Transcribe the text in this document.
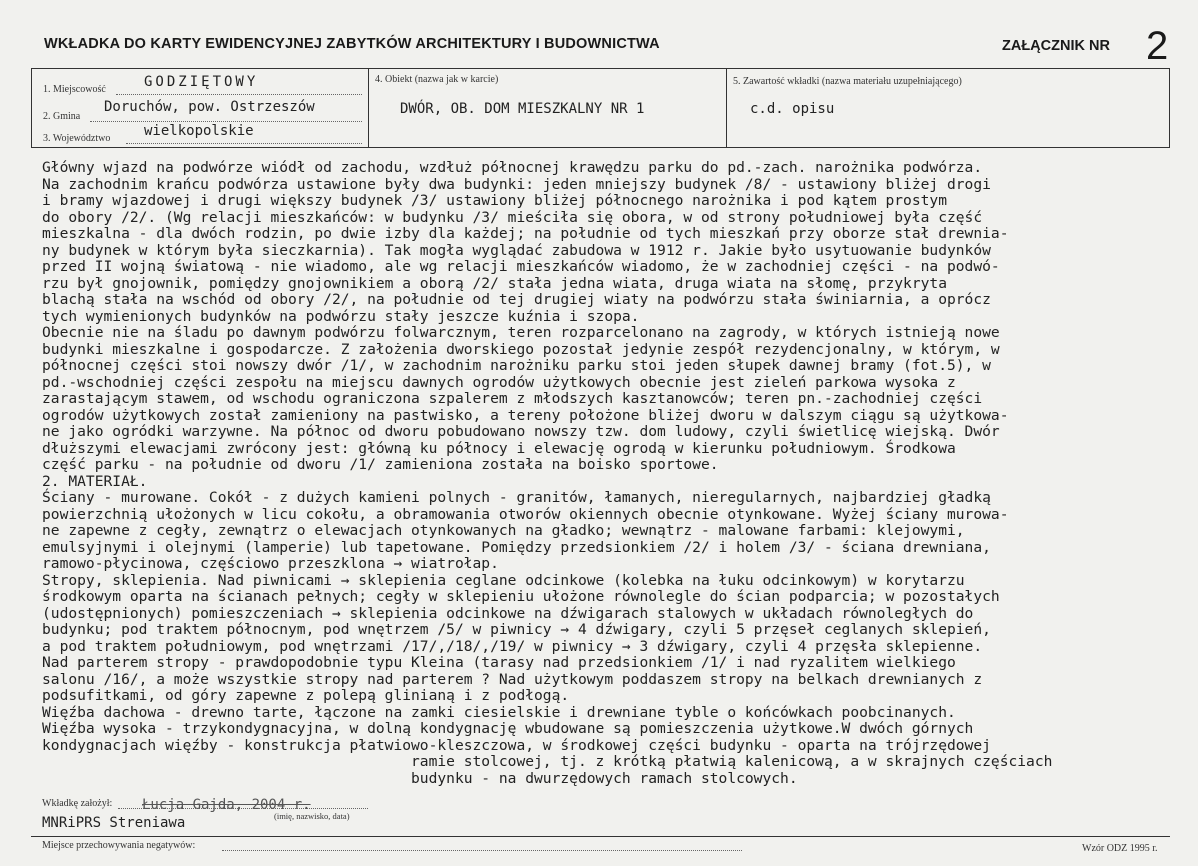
WKŁADKA DO KARTY EWIDENCYJNEJ ZABYTKÓW ARCHITEKTURY I BUDOWNICTWA	ZAŁĄCZNIK NR 2
1. Miejscowość	GODZIĘTOWY
2. Gmina
Doruchów, pow. Ostrzeszów
3. Województwo wielkopolskie
4. Obiekt (nazwa jak w karcie)
DWÓR, OB. DOM MIESZKALNY NR 1
5. Zawartość wkładki (nazwa materiału uzupełniającego)
c.d. opisu
Główny wjazd na podwórze wiódł od zachodu, wzdłuż północnej krawędzu parku do pd.-zach. narożnika podwórza.
Na zachodnim krańcu podwórza ustawione były dwa budynki: jeden mniejszy budynek /8/ - ustawiony bliżej drogi
i bramy wjazdowej i drugi większy budynek /3/ ustawiony bliżej północnego narożnika i pod kątem prostym
do obory /2/. (Wg relacji mieszkańców: w budynku /3/ mieściła się obora, w od strony południowej była część
mieszkalna - dla dwóch rodzin, po dwie izby dla każdej; na południe od tych mieszkań przy oborze stał drewnia-
ny budynek w którym była sieczkarnia). Tak mogła wyglądać zabudowa w 1912 r. Jakie było usytuowanie budynków
przed II wojną światową - nie wiadomo, ale wg relacji mieszkańców wiadomo, że w zachodniej części - na podwó-
rzu był gnojownik, pomiędzy gnojownikiem a oborą /2/ stała jedna wiata, druga wiata na słomę, przykryta
blachą stała na wschód od obory /2/, na południe od tej drugiej wiaty na podwórzu stała świniarnia, a oprócz
tych wymienionych budynków na podwórzu stały jeszcze kuźnia i szopa.
Obecnie nie na śladu po dawnym podwórzu folwarcznym, teren rozparcelonano na zagrody, w których istnieją nowe
budynki mieszkalne i gospodarcze. Z założenia dworskiego pozostał jedynie zespół rezydencjonalny, w którym, w
północnej części stoi nowszy dwór /1/, w zachodnim narożniku parku stoi jeden słupek dawnej bramy (fot.5), w
pd.-wschodniej części zespołu na miejscu dawnych ogrodów użytkowych obecnie jest zieleń parkowa wysoka z
zarastającym stawem, od wschodu ograniczona szpalerem z młodszych kasztanowców; teren pn.-zachodniej części
ogrodów użytkowych został zamieniony na pastwisko, a tereny położone bliżej dworu w dalszym ciągu są użytkowa-
ne jako ogródki warzywne. Na północ od dworu pobudowano nowszy tzw. dom ludowy, czyli świetlicę wiejską. Dwór
dłuższymi elewacjami zwrócony jest: główną ku północy i elewację ogrodą w kierunku południowym. Środkowa
część parku - na południe od dworu /1/ zamieniona została na boisko sportowe.
2. MATERIAŁ.
Ściany - murowane. Cokół - z dużych kamieni polnych - granitów, łamanych, nieregularnych, najbardziej gładką
powierzchnią ułożonych w licu cokołu, a obramowania otworów okiennych obecnie otynkowane. Wyżej ściany murowa-
ne zapewne z cegły, zewnątrz o elewacjach otynkowanych na gładko; wewnątrz - malowane farbami: klejowymi,
emulsyjnymi i olejnymi (lamperie) lub tapetowane. Pomiędzy przedsionkiem /2/ i holem /3/ - ściana drewniana,
ramowo-płycinowa, częściowo przeszklona → wiatrołap.
Stropy, sklepienia. Nad piwnicami → sklepienia ceglane odcinkowe (kolebka na łuku odcinkowym) w korytarzu
środkowym oparta na ścianach pełnych; cegły w sklepieniu ułożone równolegle do ścian podparcia; w pozostałych
(udostępnionych) pomieszczeniach → sklepienia odcinkowe na dźwigarach stalowych w układach równoległych do
budynku; pod traktem północnym, pod wnętrzem /5/ w piwnicy → 4 dźwigary, czyli 5 przęseł ceglanych sklepień,
a pod traktem południowym, pod wnętrzami /17/,/18/,/19/ w piwnicy → 3 dźwigary, czyli 4 przęsła sklepienne.
Nad parterem stropy - prawdopodobnie typu Kleina (tarasy nad przedsionkiem /1/ i nad ryzalitem wielkiego
salonu /16/, a może wszystkie stropy nad parterem ? Nad użytkowym poddaszem stropy na belkach drewnianych z
podsufitkami, od góry zapewne z polepą glinianą i z podłogą.
Więźba dachowa - drewno tarte, łączone na zamki ciesielskie i drewniane tyble o końcówkach poobcinanych.
Więźba wysoka - trzykondygnacyjna, w dolną kondygnację wbudowane są pomieszczenia użytkowe.W dwóch górnych
kondygnacjach więźby - konstrukcja płatwiowo-kleszczowa, w środkowej części budynku - oparta na trójrzędowej
ramie stolcowej, tj. z krótką płatwią kalenicową, a w skrajnych częściach
budynku - na dwurzędowych ramach stolcowych.
Wkładkę założył: Łucja Gajda, 2004 r.
(imię, nazwisko, data)
MNRiPRS Streniawa
Miejsce przechowywania negatywów:	Wzór ODZ 1995 r.
